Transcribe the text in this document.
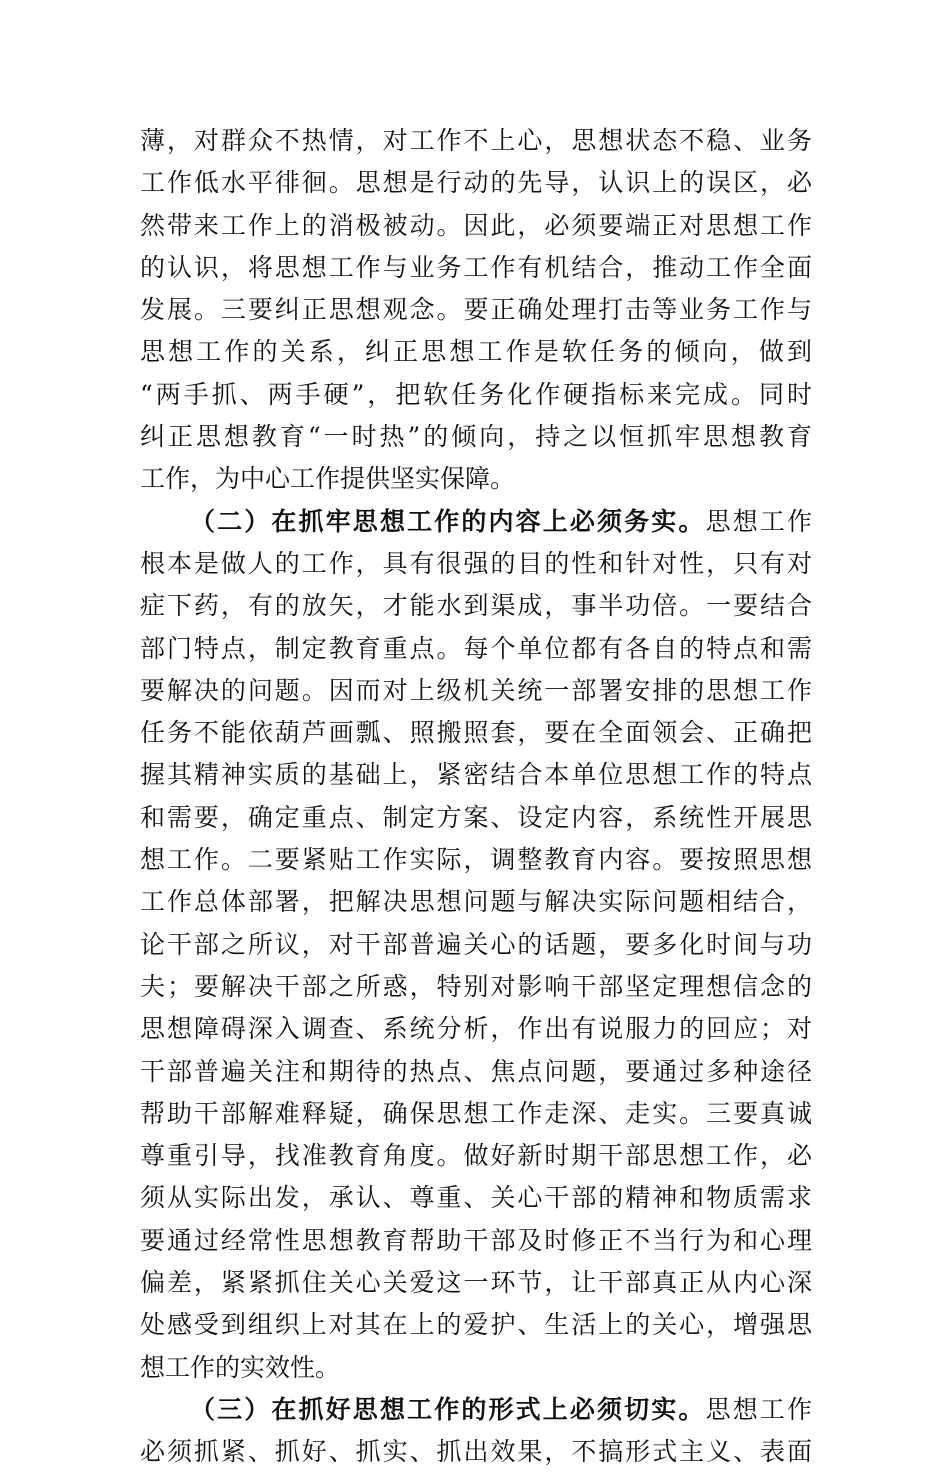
薄，对群众不热情，对工作不上心，思想状态不稳、业务
工作低水平徘徊。思想是行动的先导，认识上的误区，必
然带来工作上的消极被动。因此，必须要端正对思想工作
的认识，将思想工作与业务工作有机结合，推动工作全面
发展。三要纠正思想观念。要正确处理打击等业务工作与
思想工作的关系，纠正思想工作是软任务的倾向，做到
“两手抓、两手硬”，把软任务化作硬指标来完成。同时
纠正思想教育“一时热”的倾向，持之以恒抓牢思想教育
工作，为中心工作提供坚实保障。
（二）在抓牢思想工作的内容上必须务实。思想工作
根本是做人的工作，具有很强的目的性和针对性，只有对
症下药，有的放矢，才能水到渠成，事半功倍。一要结合
部门特点，制定教育重点。每个单位都有各自的特点和需
要解决的问题。因而对上级机关统一部署安排的思想工作
任务不能依葫芦画瓢、照搬照套，要在全面领会、正确把
握其精神实质的基础上，紧密结合本单位思想工作的特点
和需要，确定重点、制定方案、设定内容，系统性开展思
想工作。二要紧贴工作实际，调整教育内容。要按照思想
工作总体部署，把解决思想问题与解决实际问题相结合，
论干部之所议，对干部普遍关心的话题，要多化时间与功
夫；要解决干部之所惑，特别对影响干部坚定理想信念的
思想障碍深入调查、系统分析，作出有说服力的回应；对
干部普遍关注和期待的热点、焦点问题，要通过多种途径
帮助干部解难释疑，确保思想工作走深、走实。三要真诚
尊重引导，找准教育角度。做好新时期干部思想工作，必
须从实际出发，承认、尊重、关心干部的精神和物质需求
要通过经常性思想教育帮助干部及时修正不当行为和心理
偏差，紧紧抓住关心关爱这一环节，让干部真正从内心深
处感受到组织上对其在上的爱护、生活上的关心，增强思
想工作的实效性。
（三）在抓好思想工作的形式上必须切实。思想工作
必须抓紧、抓好、抓实、抓出效果，不搞形式主义、表面
